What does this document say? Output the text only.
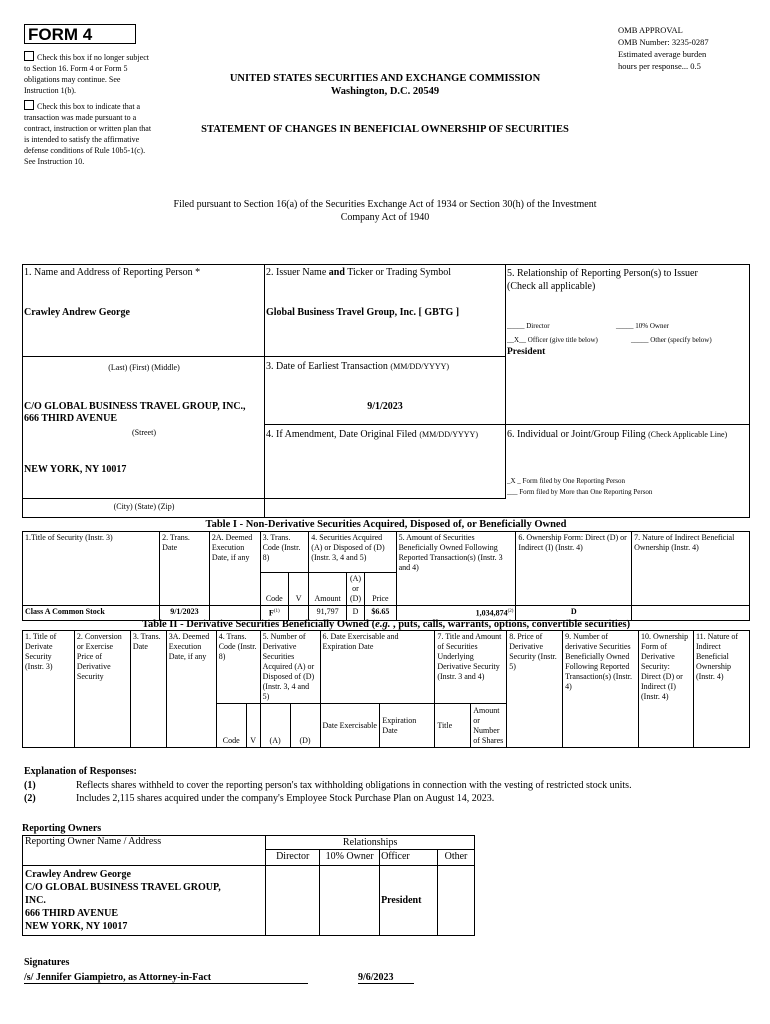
FORM 4
Check this box if no longer subject to Section 16. Form 4 or Form 5 obligations may continue. See Instruction 1(b).
Check this box to indicate that a transaction was made pursuant to a contract, instruction or written plan that is intended to satisfy the affirmative defense conditions of Rule 10b5-1(c). See Instruction 10.
UNITED STATES SECURITIES AND EXCHANGE COMMISSION
Washington, D.C. 20549
STATEMENT OF CHANGES IN BENEFICIAL OWNERSHIP OF SECURITIES
OMB APPROVAL
OMB Number: 3235-0287
Estimated average burden
hours per response... 0.5
Filed pursuant to Section 16(a) of the Securities Exchange Act of 1934 or Section 30(h) of the Investment Company Act of 1940
1. Name and Address of Reporting Person *
Crawley Andrew George
(Last) (First) (Middle)
C/O GLOBAL BUSINESS TRAVEL GROUP, INC., 666 THIRD AVENUE
(Street)
NEW YORK, NY 10017
(City) (State) (Zip)
2. Issuer Name and Ticker or Trading Symbol
Global Business Travel Group, Inc. [ GBTG ]
3. Date of Earliest Transaction (MM/DD/YYYY)
9/1/2023
4. If Amendment, Date Original Filed (MM/DD/YYYY)
5. Relationship of Reporting Person(s) to Issuer
(Check all applicable)
_____ Director	_____ 10% Owner
__X__ Officer (give title below)	_____ Other (specify below)
President
6. Individual or Joint/Group Filing (Check Applicable Line)
_X _ Form filed by One Reporting Person
___ Form filed by More than One Reporting Person
Table I - Non-Derivative Securities Acquired, Disposed of, or Beneficially Owned
1.Title of Security (Instr. 3)	2. Trans. Date	2A. Deemed Execution Date, if any	3. Trans. Code (Instr. 8)		4. Securities Acquired (A) or Disposed of (D) (Instr. 3, 4 and 5)			5. Amount of Securities Beneficially Owned Following Reported Transaction(s) (Instr. 3 and 4)	6. Ownership Form: Direct (D) or Indirect (I) (Instr. 4)	7. Nature of Indirect Beneficial Ownership (Instr. 4)
			Code	V	Amount	(A) or (D)	Price			
Class A Common Stock	9/1/2023		$F^{(1)}$		91,797	D	$6.65	1,034,874$^{(2)}$	D	
Table II - Derivative Securities Beneficially Owned (e.g. , puts, calls, warrants, options, convertible securities)
1. Title of Derivate Security (Instr. 3)	2. Conversion or Exercise Price of Derivative Security	3. Trans. Date	3A. Deemed Execution Date, if any	4. Trans. Code (Instr. 8)		5. Number of Derivative Securities Acquired (A) or Disposed of (D) (Instr. 3, 4 and 5)		6. Date Exercisable and Expiration Date		7. Title and Amount of Securities Underlying Derivative Security (Instr. 3 and 4)		8. Price of Derivative Security (Instr. 5)	9. Number of derivative Securities Beneficially Owned Following Reported Transaction(s) (Instr. 4)	10. Ownership Form of Derivative Security: Direct (D) or Indirect (I) (Instr. 4)	11. Nature of Indirect Beneficial Ownership (Instr. 4)
				Code	V	(A)	(D)	Date Exercisable	Expiration Date	Title	Amount or Number of Shares				
Explanation of Responses:
(1)	Reflects shares withheld to cover the reporting person's tax withholding obligations in connection with the vesting of restricted stock units.
(2)	Includes 2,115 shares acquired under the company's Employee Stock Purchase Plan on August 14, 2023.
Reporting Owners
Reporting Owner Name / Address	Relationships			
	Director	10% Owner	Officer	Other

Crawley Andrew George
C/O GLOBAL BUSINESS TRAVEL GROUP,
INC.
666 THIRD AVENUE
NEW YORK, NY 10017			President	
Signatures
/s/ Jennifer Giampietro, as Attorney-in-Fact	9/6/2023
